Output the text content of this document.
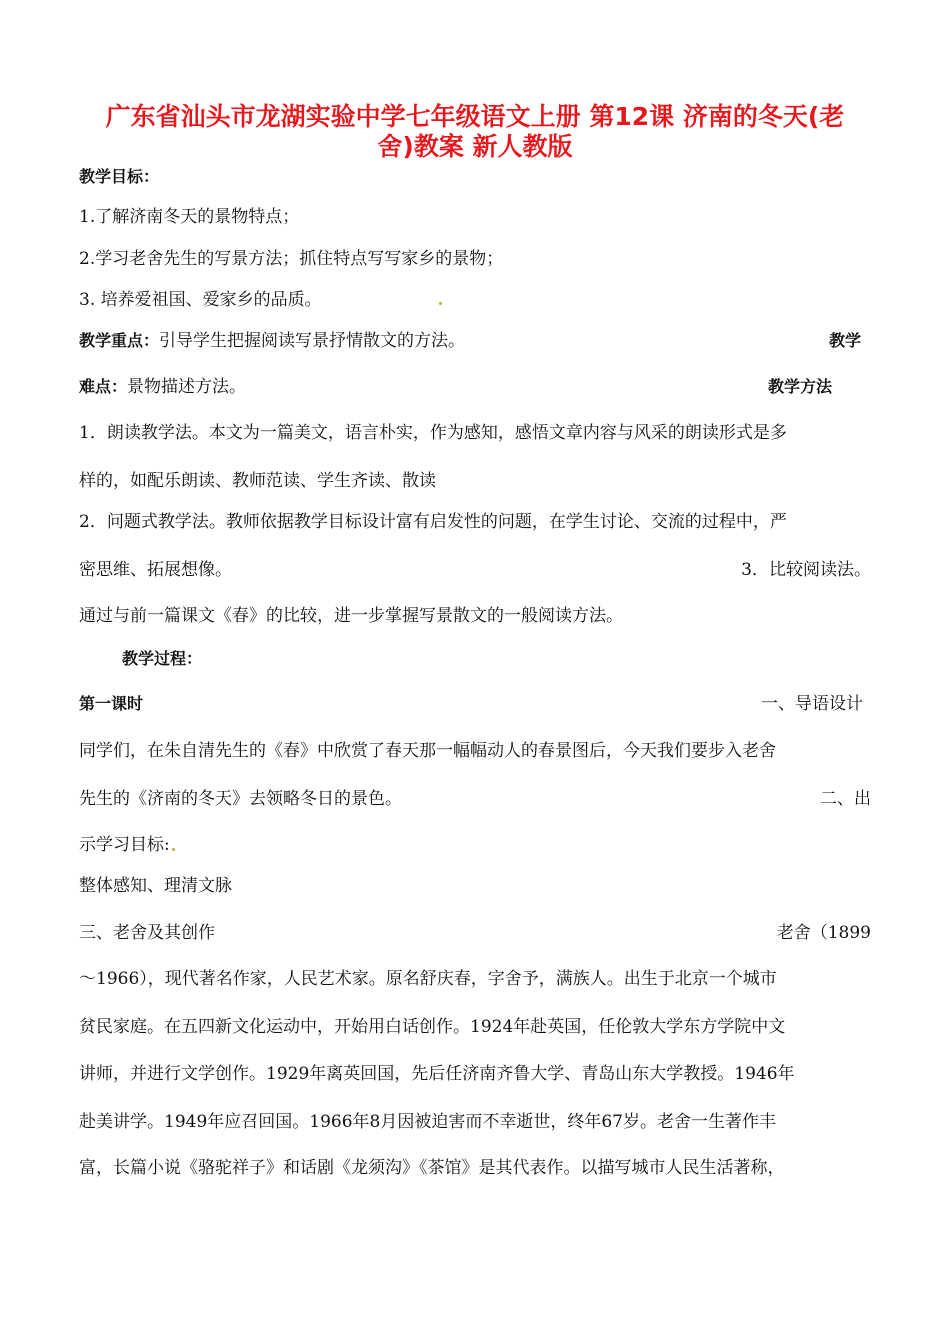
广东省汕头市龙湖实验中学七年级语文上册 第12课 济南的冬天(老
舍)教案 新人教版
教学目标：
1.了解济南冬天的景物特点；
2.学习老舍先生的写景方法；抓住特点写写家乡的景物；
3. 培养爱祖国、爱家乡的品质。
教学重点：引导学生把握阅读写景抒情散文的方法。	教学
难点：景物描述方法。	教学方法
1．朗读教学法。本文为一篇美文，语言朴实，作为感知，感悟文章内容与风采的朗读形式是多
样的，如配乐朗读、教师范读、学生齐读、散读
2．问题式教学法。教师依据教学目标设计富有启发性的问题，在学生讨论、交流的过程中，严
密思维、拓展想像。	3．比较阅读法。
通过与前一篇课文《春》的比较，进一步掌握写景散文的一般阅读方法。
教学过程：
第一课时	一、导语设计
同学们，在朱自清先生的《春》中欣赏了春天那一幅幅动人的春景图后，今天我们要步入老舍
先生的《济南的冬天》去领略冬日的景色。	二、出
示学习目标:
整体感知、理清文脉
三、老舍及其创作	老舍（1899
～1966），现代著名作家，人民艺术家。原名舒庆春，字舍予，满族人。出生于北京一个城市
贫民家庭。在五四新文化运动中，开始用白话创作。1924年赴英国，任伦敦大学东方学院中文
讲师，并进行文学创作。1929年离英回国，先后任济南齐鲁大学、青岛山东大学教授。1946年
赴美讲学。1949年应召回国。1966年8月因被迫害而不幸逝世，终年67岁。老舍一生著作丰
富，长篇小说《骆驼祥子》和话剧《龙须沟》《茶馆》是其代表作。以描写城市人民生活著称，
